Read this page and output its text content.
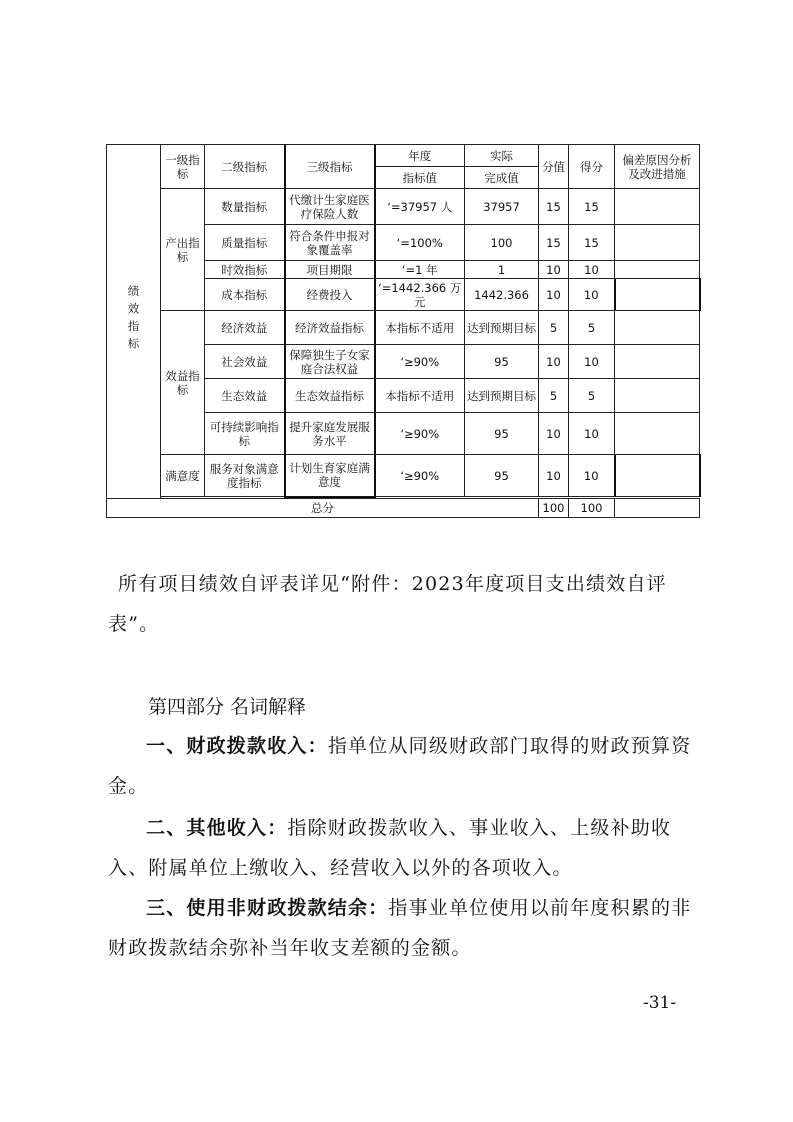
绩效指标	一级指标	二级指标	三级指标	年度	实际	分值	得分	偏差原因分析及改进措施
				指标值	完成值			
	产出指标	数量指标	代缴计生家庭医疗保险人数	‘=37957 人	37957	15	15	
		质量指标	符合条件申报对象覆盖率	‘=100%	100	15	15	
		时效指标	项目期限	‘=1 年	1	10	10	
		成本指标	经费投入	‘=1442.366 万元	1442.366	10	10	
	效益指标	经济效益	经济效益指标	本指标不适用	达到预期目标	5	5	
		社会效益	保障独生子女家庭合法权益	‘≥90%	95	10	10	
		生态效益	生态效益指标	本指标不适用	达到预期目标	5	5	
		可持续影响指标	提升家庭发展服务水平	‘≥90%	95	10	10	
	满意度	服务对象满意度指标	计划生育家庭满意度	‘≥90%	95	10	10	

总分						100	100	

所有项目绩效自评表详见“附件：2023年度项目支出绩效自评表”。

第四部分 名词解释

一、财政拨款收入：指单位从同级财政部门取得的财政预算资金。

二、其他收入：指除财政拨款收入、事业收入、上级补助收入、附属单位上缴收入、经营收入以外的各项收入。

三、使用非财政拨款结余：指事业单位使用以前年度积累的非财政拨款结余弥补当年收支差额的金额。

-31-
